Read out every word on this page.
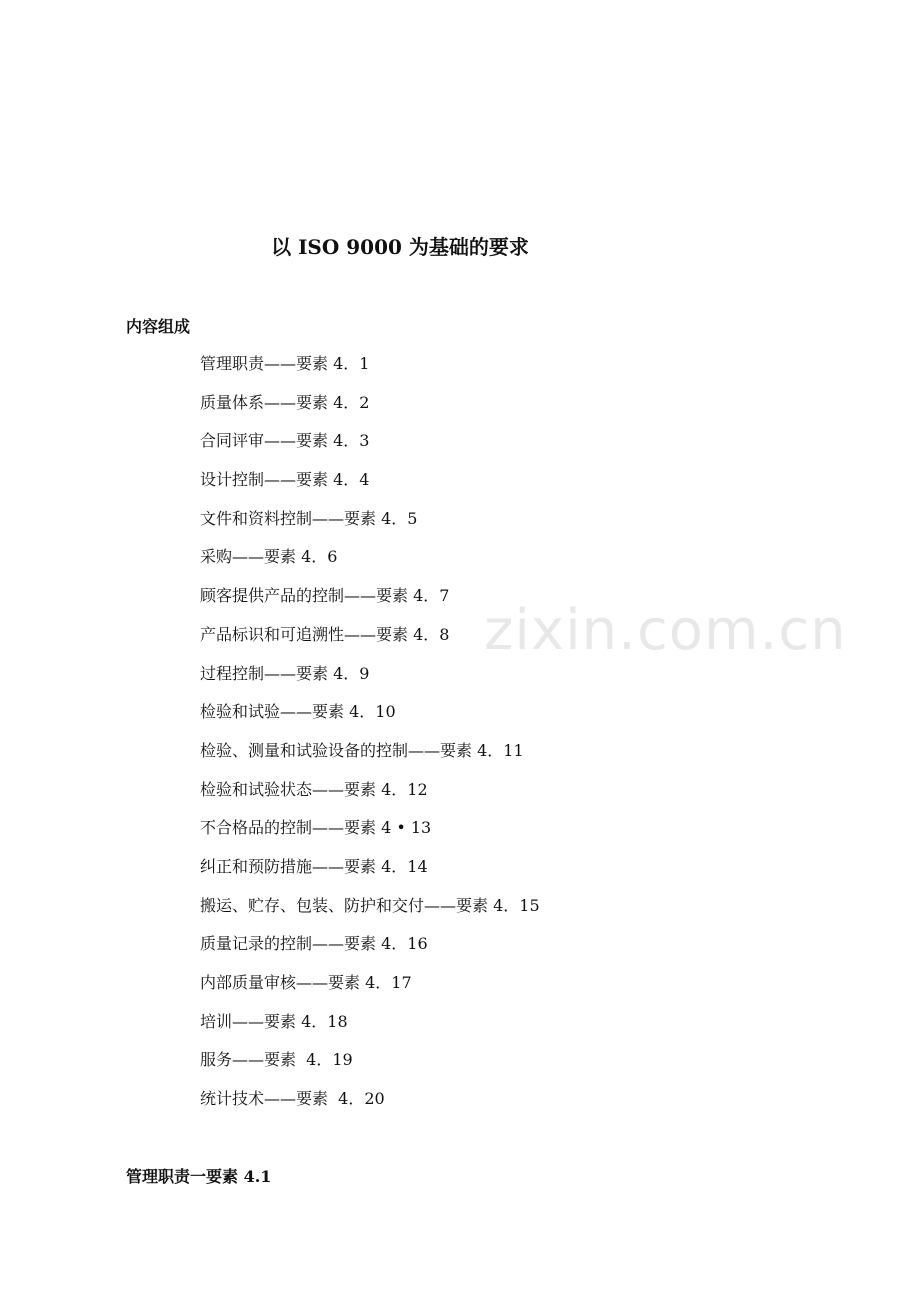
以 ISO 9000 为基础的要求
内容组成
管理职责——要素 4．1
质量体系——要素 4．2
合同评审——要素 4．3
设计控制——要素 4．4
文件和资料控制——要素 4．5
采购——要素 4．6
顾客提供产品的控制——要素 4．7
产品标识和可追溯性——要素 4．8
过程控制——要素 4．9
检验和试验——要素 4．10
检验、测量和试验设备的控制——要素 4．11
检验和试验状态——要素 4．12
不合格品的控制——要素 4 • 13
纠正和预防措施——要素 4．14
搬运、贮存、包装、防护和交付——要素 4．15
质量记录的控制——要素 4．16
内部质量审核——要素 4．17
培训——要素 4．18
服务——要素  4．19
统计技术——要素  4．20
管理职责一要素 4.1
zixin.com.cn
